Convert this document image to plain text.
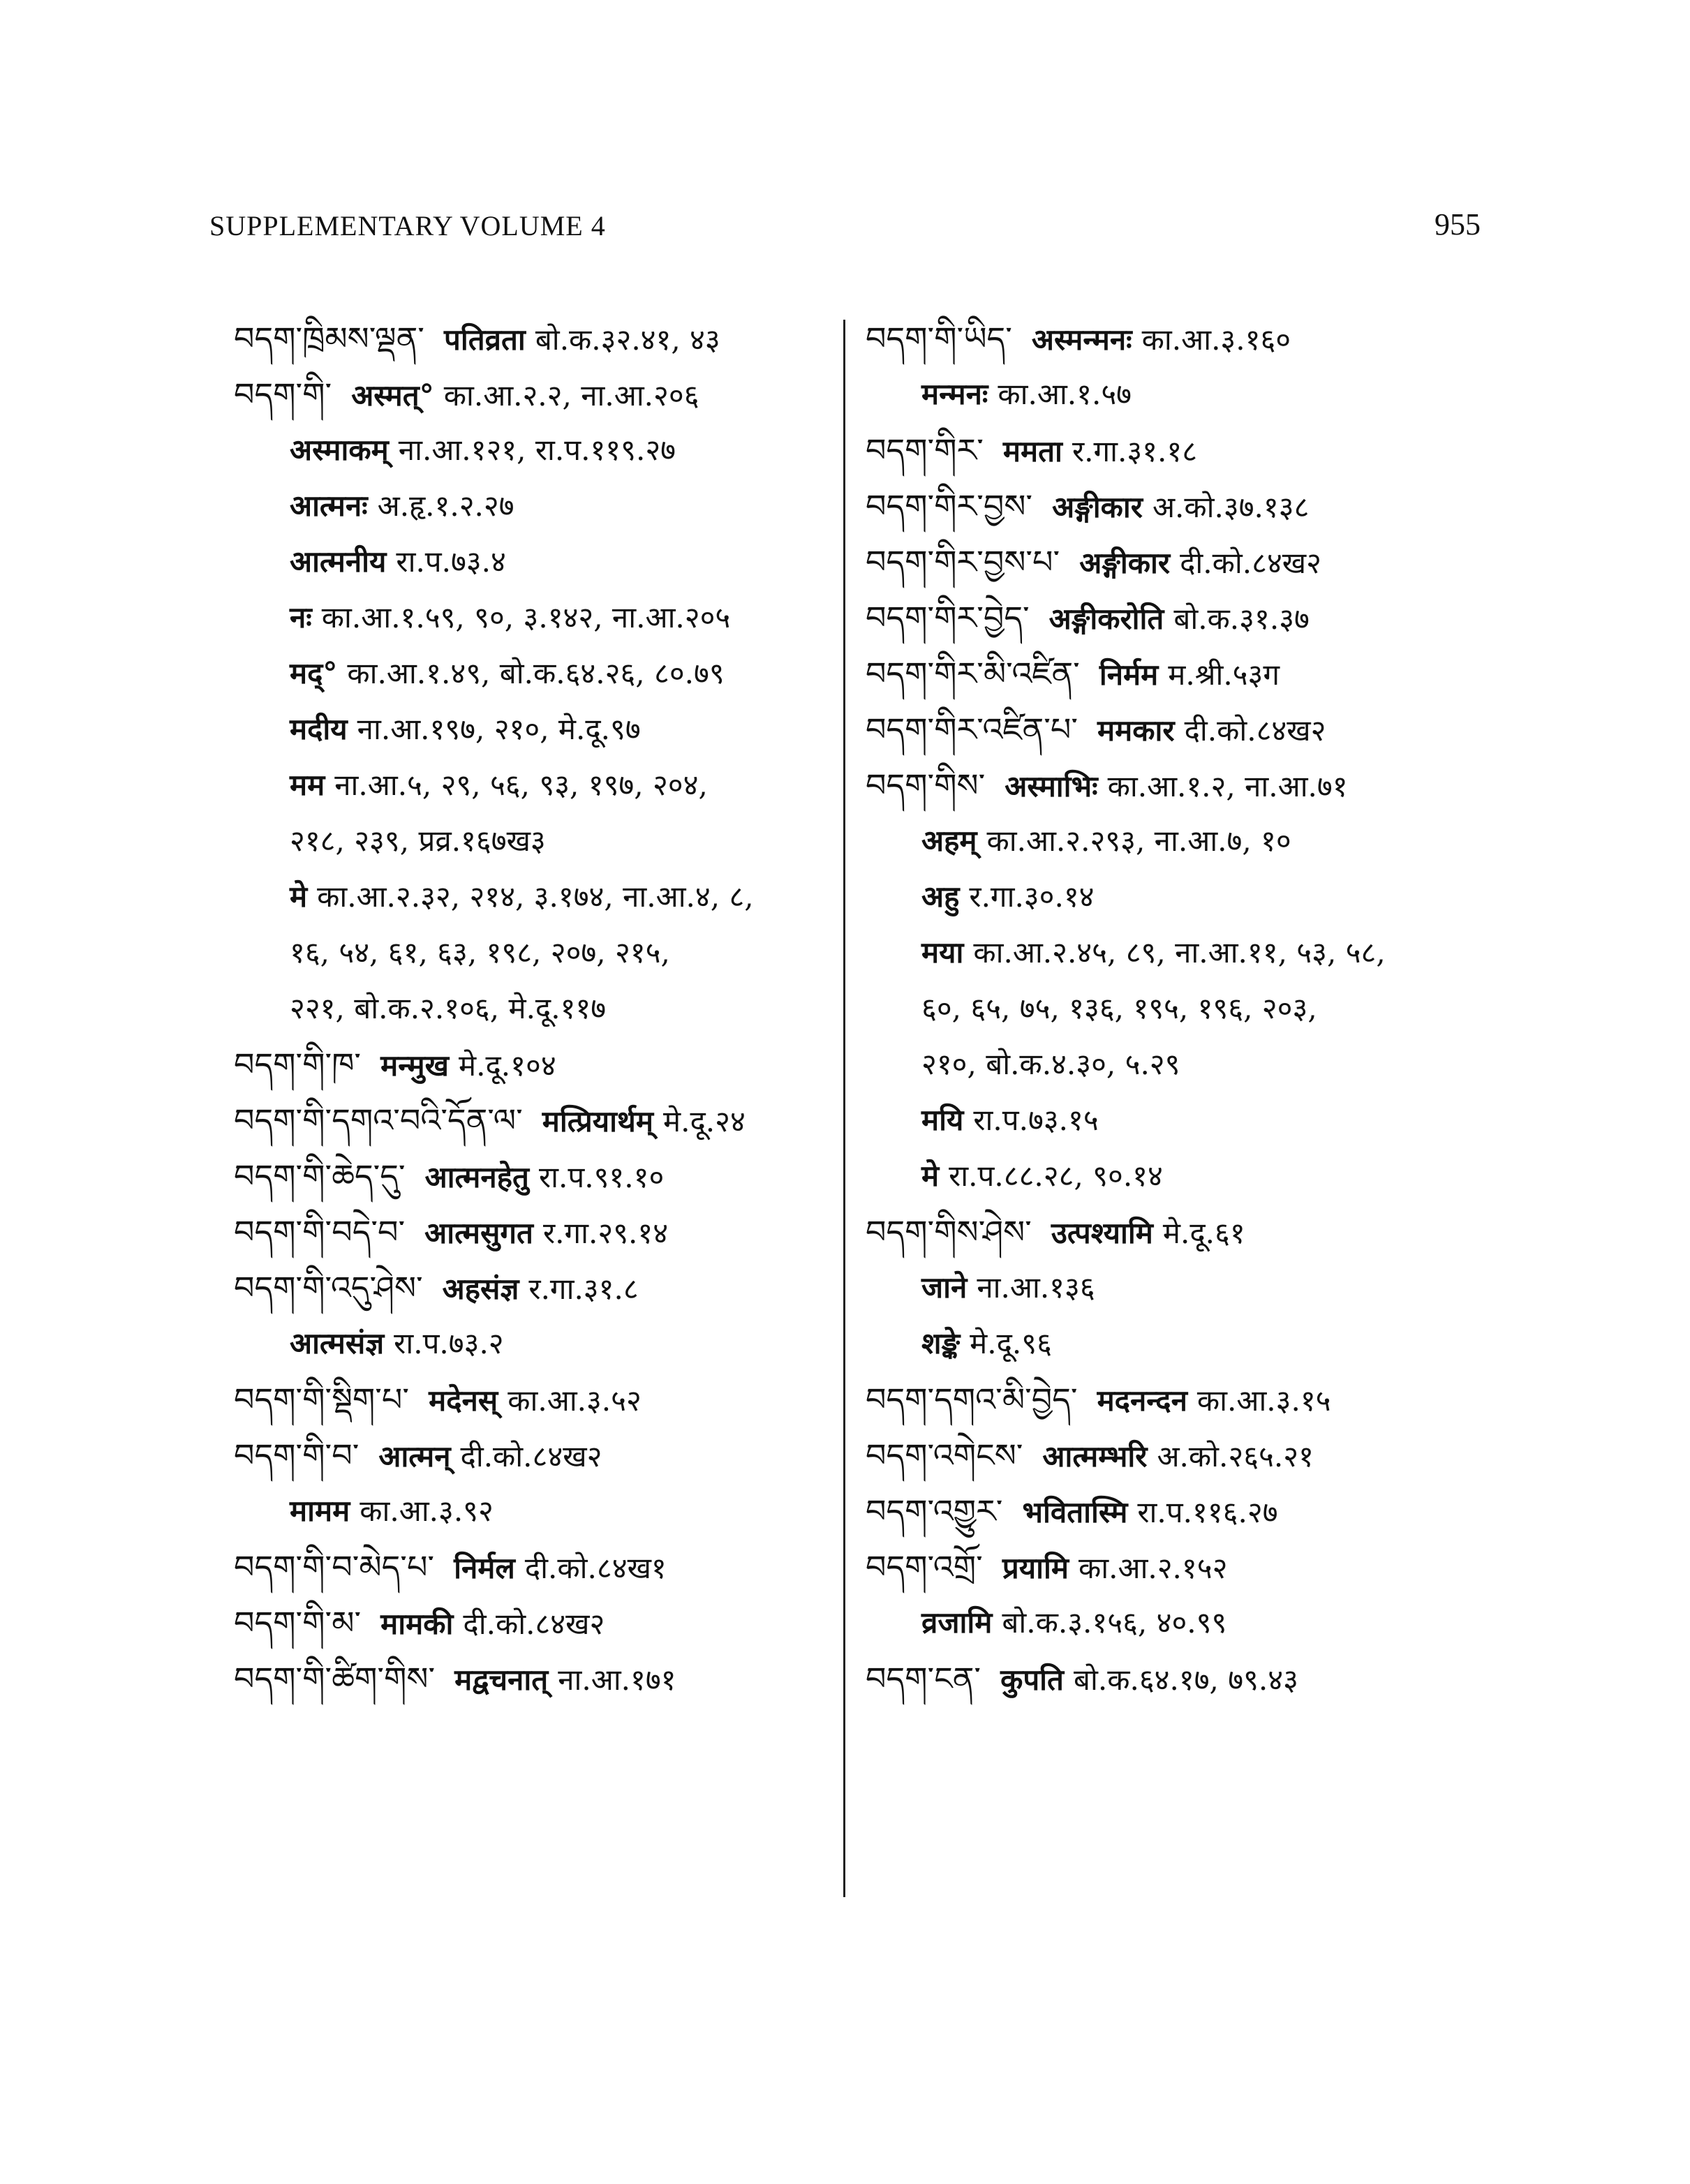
SUPPLEMENTARY VOLUME 4	955
བདག་ཁྲིམས་ལྡན་ पतिव्रता बो.क.३२.४१, ४३
བདག་གི་ अस्मत्° का.आ.२.२, ना.आ.२०६
अस्माकम् ना.आ.१२१, रा.प.११९.२७
आत्मनः अ.हृ.१.२.२७
आत्मनीय रा.प.७३.४
नः का.आ.१.५९, ९०, ३.१४२, ना.आ.२०५
मद्° का.आ.१.४९, बो.क.६४.२६, ८०.७९
मदीय ना.आ.१९७, २१०, मे.दू.९७
मम ना.आ.५, २९, ५६, ९३, १९७, २०४,
२१८, २३९, प्रव्र.१६७ख३
मे का.आ.२.३२, २१४, ३.१७४, ना.आ.४, ८,
१६, ५४, ६१, ६३, १९८, २०७, २१५,
२२१, बो.क.२.१०६, मे.दू.११७
བདག་གི་ཁ་ मन्मुख मे.दू.१०४
བདག་གི་དགའ་བའི་དོན་ལ་ मत्प्रियार्थम् मे.दू.२४
བདག་གི་ཆེད་དུ་ आत्मनहेतु रा.प.९१.१०
བདག་གི་བདེ་བ་ आत्मसुगत र.गा.२९.१४
བདག་གི་འདུ་ཤེས་ अहसंज्ञ र.गा.३१.८
आत्मसंज्ञ रा.प.७३.२
བདག་གི་སྡིག་པ་ मदेनस् का.आ.३.५२
བདག་གི་བ་ आत्मन् दी.को.८४ख२
मामम का.आ.३.९२
བདག་གི་བ་མེད་པ་ निर्मल दी.को.८४ख१
བདག་གི་མ་ मामकी दी.को.८४ख२
བདག་གི་ཚིག་གིས་ मद्वचनात् ना.आ.१७१
བདག་གི་ཡིད་ अस्मन्मनः का.आ.३.१६०
मन्मनः का.आ.१.५७
བདག་གིར་ ममता र.गा.३१.१८
བདག་གིར་བྱས་ अङ्गीकार अ.को.३७.१३८
བདག་གིར་བྱས་པ་ अङ्गीकार दी.को.८४ख२
བདག་གིར་བྱེད་ अङ्गीकरोति बो.क.३१.३७
བདག་གིར་མི་འཛིན་ निर्मम म.श्री.५३ग
བདག་གིར་འཛིན་པ་ ममकार दी.को.८४ख२
བདག་གིས་ अस्माभिः का.आ.१.२, ना.आ.७१
अहम् का.आ.२.२९३, ना.आ.७, १०
अहु र.गा.३०.१४
मया का.आ.२.४५, ८९, ना.आ.११, ५३, ५८,
६०, ६५, ७५, १३६, १९५, १९६, २०३,
२१०, बो.क.४.३०, ५.२९
मयि रा.प.७३.१५
मे रा.प.८८.२८, ९०.१४
བདག་གིས་ཤེས་ उत्पश्यामि मे.दू.६१
जाने ना.आ.१३६
शङ्के मे.दू.९६
བདག་དགའ་མི་བྱེད་ मदनन्दन का.आ.३.१५
བདག་འགེངས་ आत्मम्भरि अ.को.२६५.२१
བདག་འགྱུར་ भवितास्मि रा.प.११६.२७
བདག་འགྲོ་ प्रयामि का.आ.२.१५२
व्रजामि बो.क.३.१५६, ४०.९९
བདག་ངན་ कुपति बो.क.६४.१७, ७९.४३
